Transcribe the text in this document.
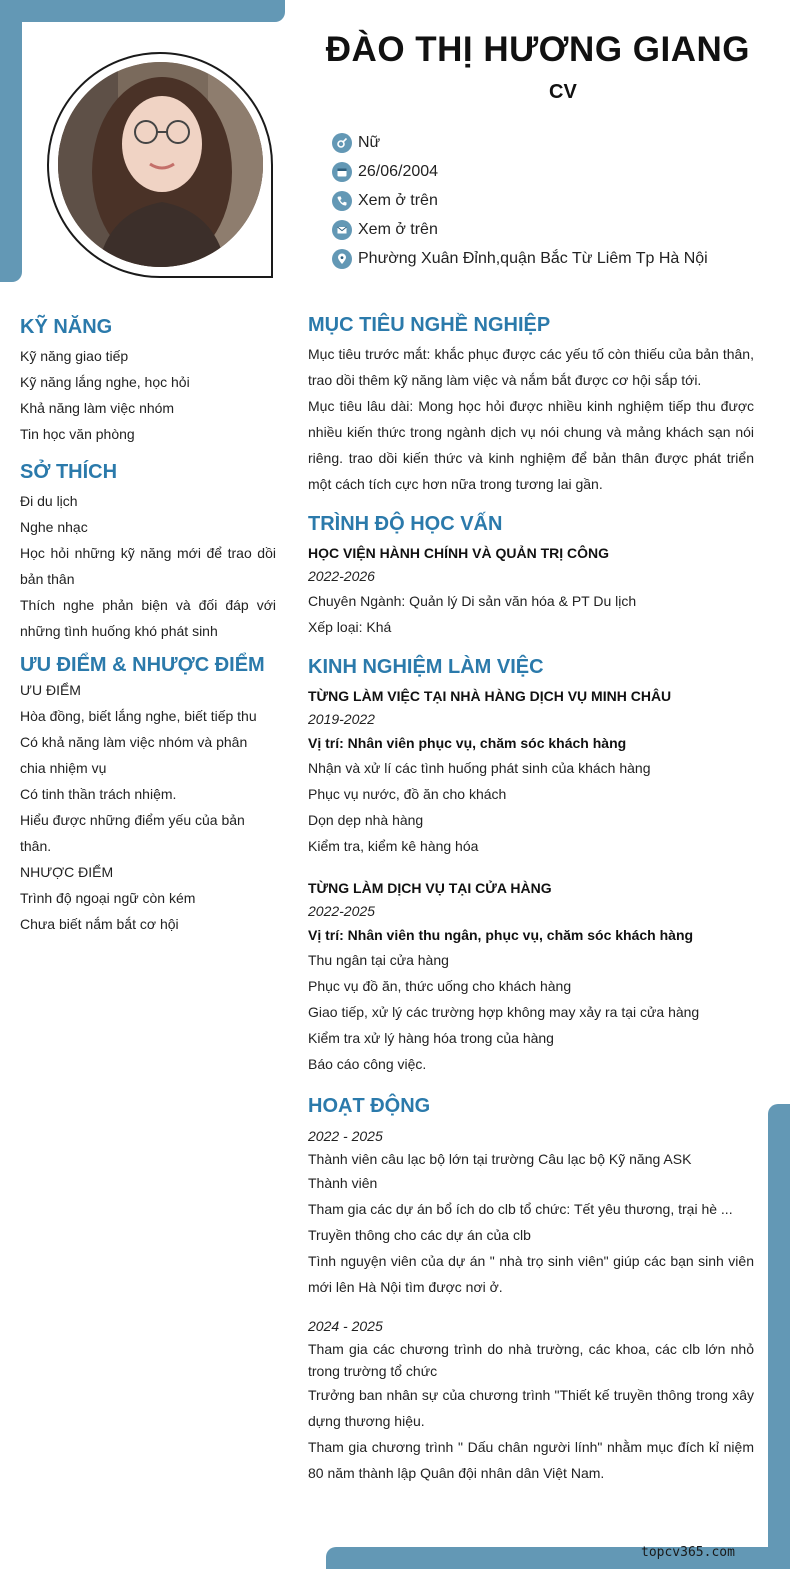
ĐÀO THỊ HƯƠNG GIANG
CV
Nữ
26/06/2004
Xem ở trên
Xem ở trên
Phường Xuân Đỉnh,quận Bắc Từ Liêm Tp Hà Nội
KỸ NĂNG

Kỹ năng giao tiếp

Kỹ năng lắng nghe, học hỏi

Khả năng làm việc nhóm

Tin học văn phòng

SỞ THÍCH

Đi du lịch

Nghe nhạc

Học hỏi những kỹ năng mới để trao dồi bản thân

Thích nghe phản biện và đối đáp với những tình huống khó phát sinh

ƯU ĐIỂM & NHƯỢC ĐIỂM

ƯU ĐIỂM

Hòa đồng, biết lắng nghe, biết tiếp thu

Có khả năng làm việc nhóm và phân chia nhiệm vụ

Có tinh thần trách nhiệm.

Hiểu được những điểm yếu của bản thân.

NHƯỢC ĐIỂM

Trình độ ngoại ngữ còn kém

Chưa biết nắm bắt cơ hội

MỤC TIÊU NGHỀ NGHIỆP

Mục tiêu trước mắt: khắc phục được các yếu tố còn thiếu của bản thân, trao dồi thêm kỹ năng làm việc và nắm bắt được cơ hội sắp tới.

Mục tiêu lâu dài: Mong học hỏi được nhiều kinh nghiệm tiếp thu được nhiều kiến thức trong ngành dịch vụ nói chung và mảng khách sạn nói riêng. trao dồi kiến thức và kinh nghiệm để bản thân được phát triển một cách tích cực hơn nữa trong tương lai gần.

TRÌNH ĐỘ HỌC VẤN

HỌC VIỆN HÀNH CHÍNH VÀ QUẢN TRỊ CÔNG

2022-2026

Chuyên Ngành: Quản lý Di sản văn hóa & PT Du lịch

Xếp loại: Khá

KINH NGHIỆM LÀM VIỆC

TỪNG LÀM VIỆC TẠI NHÀ HÀNG DỊCH VỤ MINH CHÂU

2019-2022

Vị trí: Nhân viên phục vụ, chăm sóc khách hàng

Nhận và xử lí các tình huống phát sinh của khách hàng

Phục vụ nước, đồ ăn cho khách

Dọn dẹp nhà hàng

Kiểm tra, kiểm kê hàng hóa

TỪNG LÀM DỊCH VỤ TẠI CỬA HÀNG

2022-2025

Vị trí: Nhân viên thu ngân, phục vụ, chăm sóc khách hàng

Thu ngân tại cửa hàng

Phục vụ đồ ăn, thức uống cho khách hàng

Giao tiếp, xử lý các trường hợp không may xảy ra tại cửa hàng

Kiểm tra xử lý hàng hóa trong của hàng

Báo cáo công việc.

HOẠT ĐỘNG

2022 - 2025

Thành viên câu lạc bộ lớn tại trường Câu lạc bộ Kỹ năng ASK

Thành viên

Tham gia các dự án bổ ích do clb tổ chức: Tết yêu thương, trại hè ...

Truyền thông cho các dự án của clb

Tình nguyện viên của dự án " nhà trọ sinh viên" giúp các bạn sinh viên mới lên Hà Nội tìm được nơi ở.

2024 - 2025

Tham gia các chương trình do nhà trường, các khoa, các clb lớn nhỏ trong trường tổ chức

Trưởng ban nhân sự của chương trình "Thiết kế truyền thông trong xây dựng thương hiệu.

Tham gia chương trình " Dấu chân người lính" nhằm mục đích kỉ niệm 80 năm thành lập Quân đội nhân dân Việt Nam.

topcv365.com
